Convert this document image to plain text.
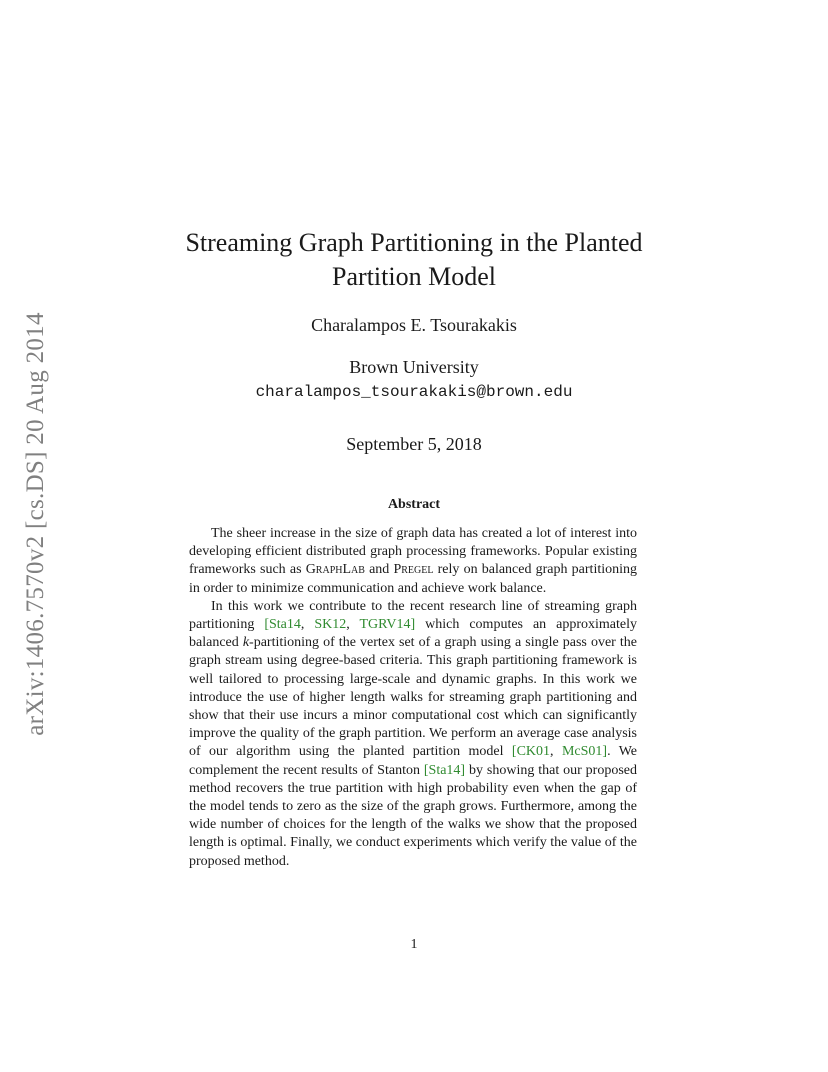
arXiv:1406.7570v2 [cs.DS] 20 Aug 2014
Streaming Graph Partitioning in the Planted
Partition Model
Charalampos E. Tsourakakis
Brown University
charalampos_tsourakakis@brown.edu
September 5, 2018
Abstract

The sheer increase in the size of graph data has created a lot of interest into developing efficient distributed graph processing frameworks. Popular existing frameworks such as GraphLab and Pregel rely on balanced graph partitioning in order to minimize communication and achieve work balance.

In this work we contribute to the recent research line of streaming graph partitioning [Sta14, SK12, TGRV14] which computes an approximately balanced k-partitioning of the vertex set of a graph using a single pass over the graph stream using degree-based criteria. This graph partitioning framework is well tailored to processing large-scale and dynamic graphs. In this work we introduce the use of higher length walks for streaming graph partitioning and show that their use incurs a minor computational cost which can significantly improve the quality of the graph partition. We perform an average case analysis of our algorithm using the planted partition model [CK01, McS01]. We complement the recent results of Stanton [Sta14] by showing that our proposed method recovers the true partition with high probability even when the gap of the model tends to zero as the size of the graph grows. Furthermore, among the wide number of choices for the length of the walks we show that the proposed length is optimal. Finally, we conduct experiments which verify the value of the proposed method.

1
